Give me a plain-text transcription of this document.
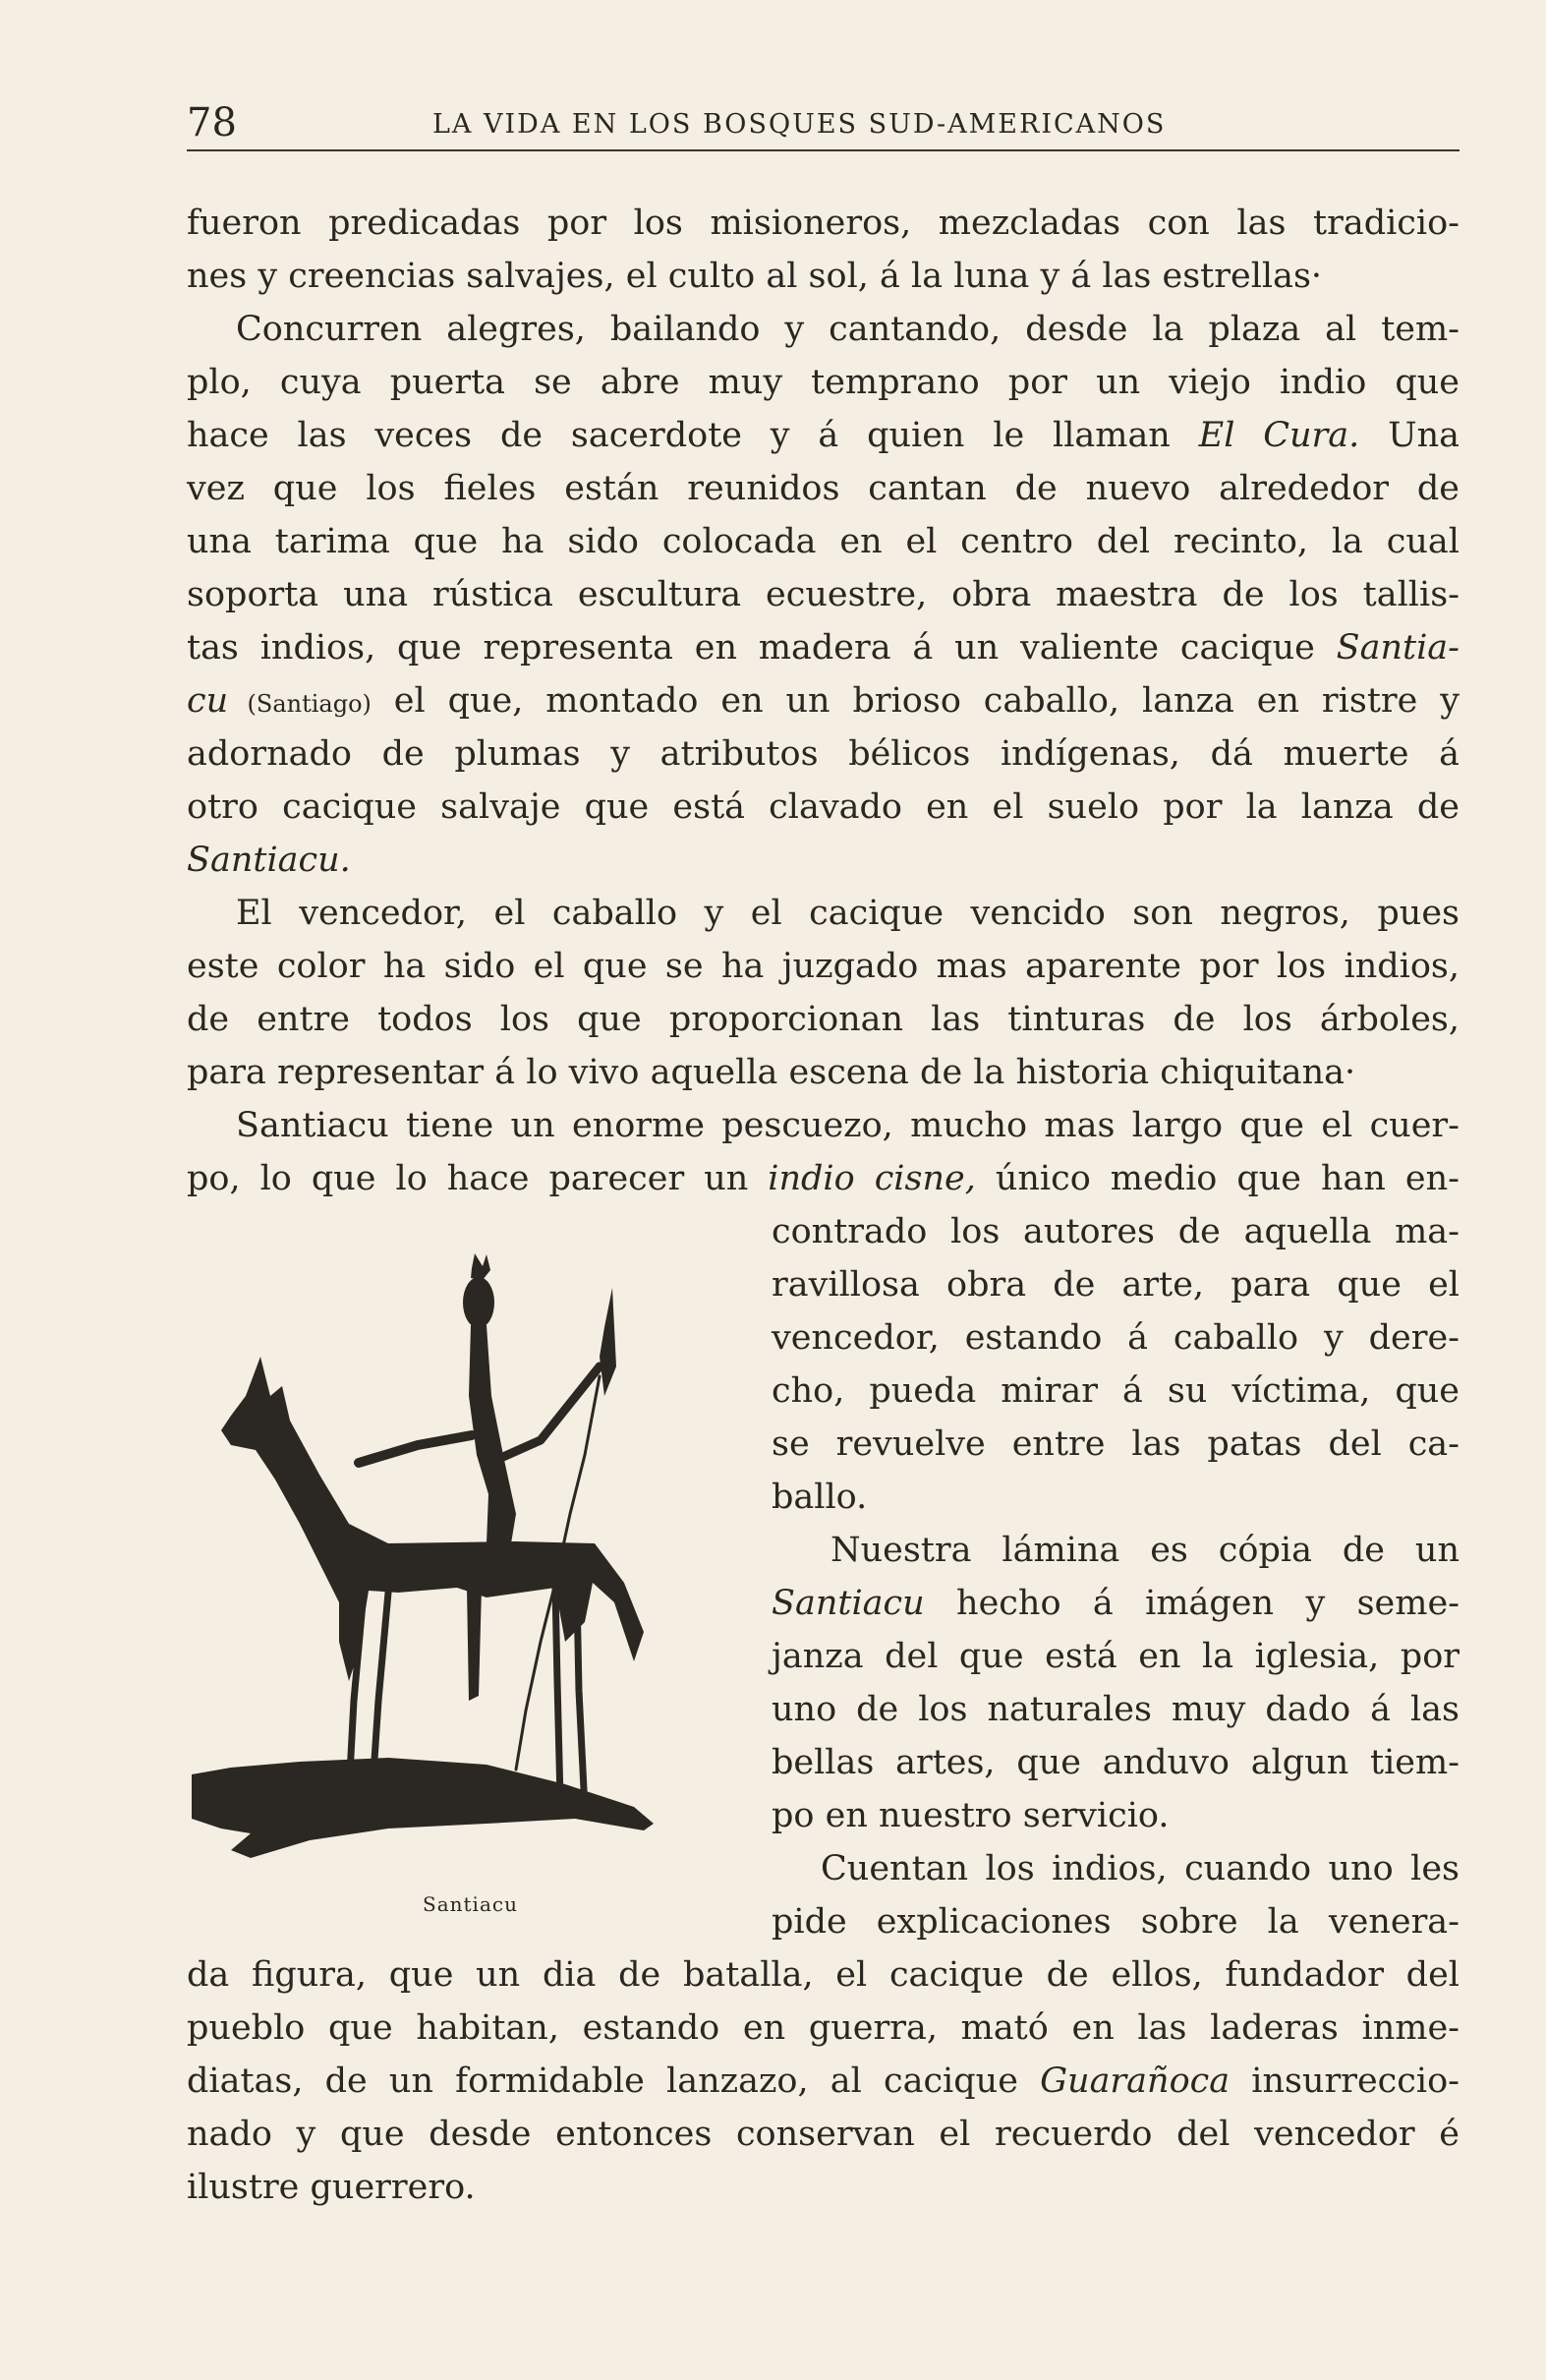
78	LA VIDA EN LOS BOSQUES SUD-AMERICANOS
fueron predicadas por los misioneros, mezcladas con las tradicio-
nes y creencias salvajes, el culto al sol, á la luna y á las estrellas·
Concurren alegres, bailando y cantando, desde la plaza al tem-
plo, cuya puerta se abre muy temprano por un viejo indio que
hace las veces de sacerdote y á quien le llaman El Cura. Una
vez que los fieles están reunidos cantan de nuevo alrededor de
una tarima que ha sido colocada en el centro del recinto, la cual
soporta una rústica escultura ecuestre, obra maestra de los tallis-
tas indios, que representa en madera á un valiente cacique Santia-
cu (Santiago) el que, montado en un brioso caballo, lanza en ristre y
adornado de plumas y atributos bélicos indígenas, dá muerte á
otro cacique salvaje que está clavado en el suelo por la lanza de
Santiacu.
El vencedor, el caballo y el cacique vencido son negros, pues
este color ha sido el que se ha juzgado mas aparente por los indios,
de entre todos los que proporcionan las tinturas de los árboles,
para representar á lo vivo aquella escena de la historia chiquitana·
Santiacu tiene un enorme pescuezo, mucho mas largo que el cuer-
po, lo que lo hace parecer un indio cisne, único medio que han en-
contrado los autores de aquella ma-
ravillosa obra de arte, para que el
vencedor, estando á caballo y dere-
cho, pueda mirar á su víctima, que
se revuelve entre las patas del ca-
ballo.
Nuestra lámina es cópia de un
Santiacu hecho á imágen y seme-
janza del que está en la iglesia, por
uno de los naturales muy dado á las
bellas artes, que anduvo algun tiem-
po en nuestro servicio.
Cuentan los indios, cuando uno les
pide explicaciones sobre la venera-
da figura, que un dia de batalla, el cacique de ellos, fundador del
pueblo que habitan, estando en guerra, mató en las laderas inme-
diatas, de un formidable lanzazo, al cacique Guarañoca insurreccio-
nado y que desde entonces conservan el recuerdo del vencedor é
ilustre guerrero.
Santiacu
